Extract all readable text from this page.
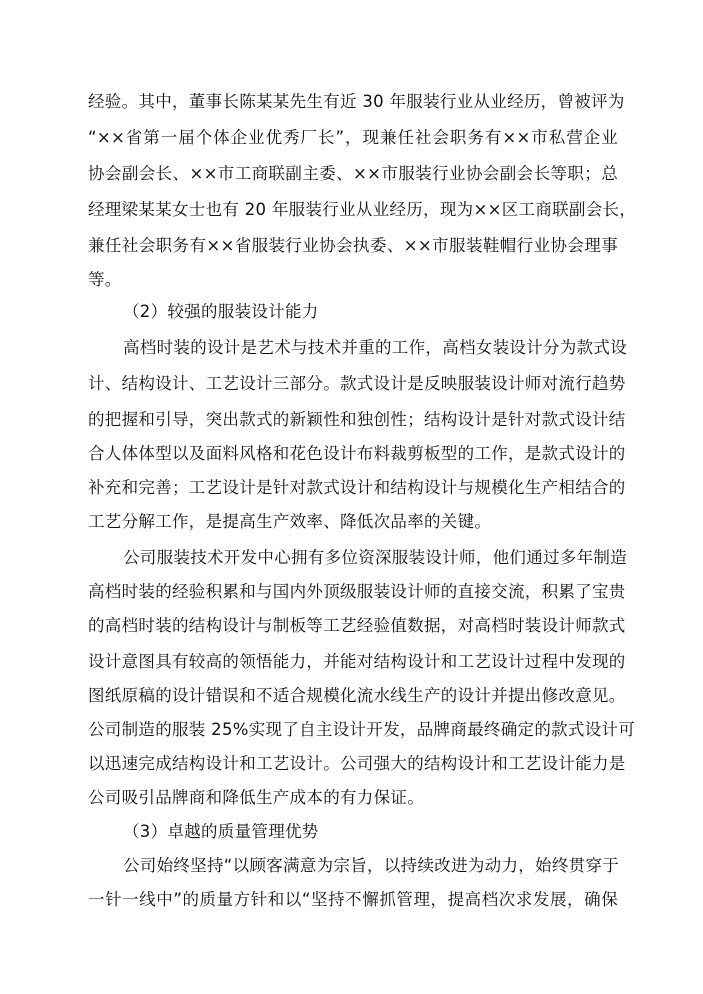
经验。其中，董事长陈某某先生有近 30 年服装行业从业经历，曾被评为
“××省第一届个体企业优秀厂长”，现兼任社会职务有××市私营企业
协会副会长、××市工商联副主委、××市服装行业协会副会长等职；总
经理梁某某女士也有 20 年服装行业从业经历，现为××区工商联副会长，
兼任社会职务有××省服装行业协会执委、××市服装鞋帽行业协会理事
等。
（2）较强的服装设计能力
高档时装的设计是艺术与技术并重的工作，高档女装设计分为款式设
计、结构设计、工艺设计三部分。款式设计是反映服装设计师对流行趋势
的把握和引导，突出款式的新颖性和独创性；结构设计是针对款式设计结
合人体体型以及面料风格和花色设计布料裁剪板型的工作，是款式设计的
补充和完善；工艺设计是针对款式设计和结构设计与规模化生产相结合的
工艺分解工作，是提高生产效率、降低次品率的关键。
公司服装技术开发中心拥有多位资深服装设计师，他们通过多年制造
高档时装的经验积累和与国内外顶级服装设计师的直接交流，积累了宝贵
的高档时装的结构设计与制板等工艺经验值数据，对高档时装设计师款式
设计意图具有较高的领悟能力，并能对结构设计和工艺设计过程中发现的
图纸原稿的设计错误和不适合规模化流水线生产的设计并提出修改意见。
公司制造的服装 25%实现了自主设计开发，品牌商最终确定的款式设计可
以迅速完成结构设计和工艺设计。公司强大的结构设计和工艺设计能力是
公司吸引品牌商和降低生产成本的有力保证。
（3）卓越的质量管理优势
公司始终坚持“以顾客满意为宗旨，以持续改进为动力，始终贯穿于
一针一线中”的质量方针和以“坚持不懈抓管理，提高档次求发展，确保
